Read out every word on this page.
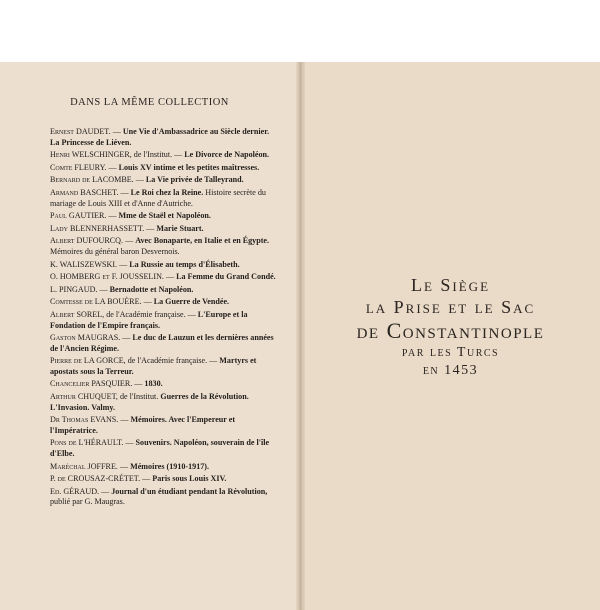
DANS LA MÊME COLLECTION
Ernest DAUDET. — Une Vie d'Ambassadrice au Siècle dernier. La Princesse de Liéven.
Henri WELSCHINGER, de l'Institut. — Le Divorce de Napoléon.
Comte FLEURY. — Louis XV intime et les petites maîtresses.
Bernard de LACOMBE. — La Vie privée de Talleyrand.
Armand BASCHET. — Le Roi chez la Reine. Histoire secrète du mariage de Louis XIII et d'Anne d'Autriche.
Paul GAUTIER. — Mme de Staël et Napoléon.
Lady BLENNERHASSETT. — Marie Stuart.
Albert DUFOURCQ. — Avec Bonaparte, en Italie et en Égypte. Mémoires du général baron Desvernois.
K. WALISZEWSKI. — La Russie au temps d'Élisabeth.
O. HOMBERG et F. JOUSSELIN. — La Femme du Grand Condé.
L. PINGAUD. — Bernadotte et Napoléon.
Comtesse de LA BOUÈRE. — La Guerre de Vendée.
Albert SOREL, de l'Académie française. — L'Europe et la Fondation de l'Empire français.
Gaston MAUGRAS. — Le duc de Lauzun et les dernières années de l'Ancien Régime.
Pierre de LA GORCE, de l'Académie française. — Martyrs et apostats sous la Terreur.
Chancelier PASQUIER. — 1830.
Arthur CHUQUET, de l'Institut. Guerres de la Révolution. L'Invasion. Valmy.
Dr Thomas EVANS. — Mémoires. Avec l'Empereur et l'Impératrice.
Pons de L'HÉRAULT. — Souvenirs. Napoléon, souverain de l'île d'Elbe.
Maréchal JOFFRE. — Mémoires (1910-1917).
P. de CROUSAZ-CRÉTET. — Paris sous Louis XIV.
Ed. GÉRAUD. — Journal d'un étudiant pendant la Révolution, publié par G. Maugras.
Le Siège
la Prise et le Sac
de Constantinople
par les Turcs
en 1453
